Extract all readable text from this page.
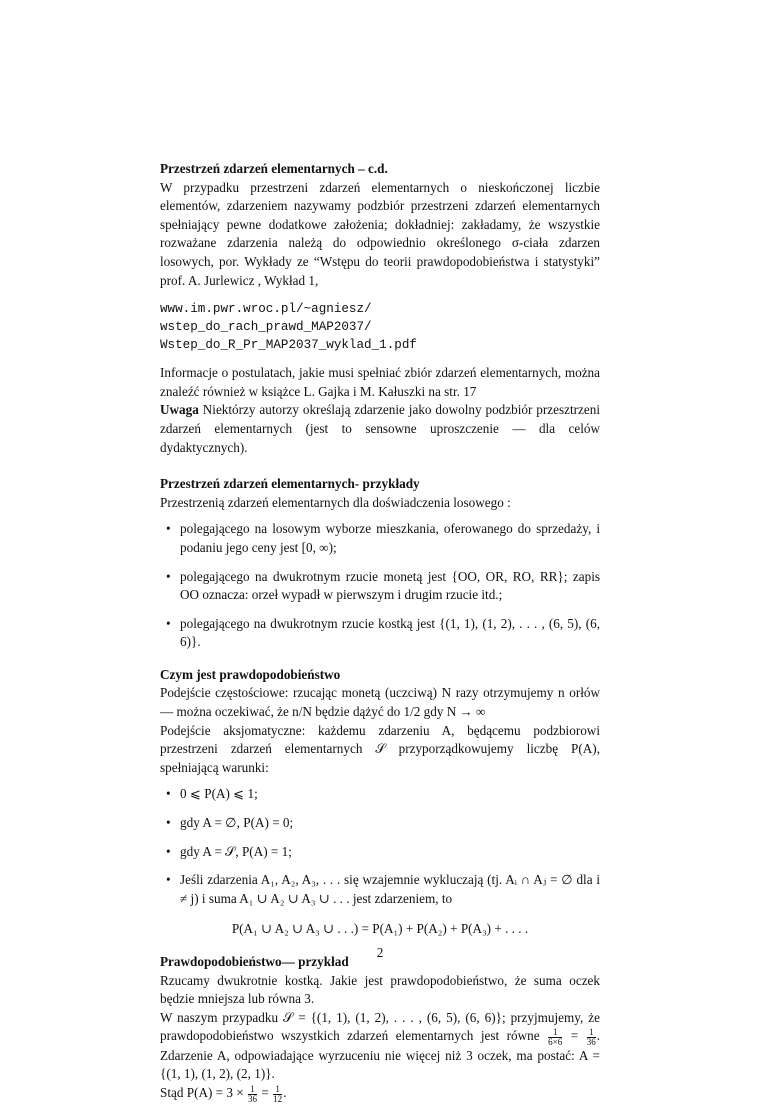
Przestrzeń zdarzeń elementarnych – c.d.

W przypadku przestrzeni zdarzeń elementarnych o nieskończonej liczbie elementów, zdarzeniem nazywamy podzbiór przestrzeni zdarzeń elementarnych spełniający pewne dodatkowe założenia; dokładniej: zakładamy, że wszystkie rozważane zdarzenia należą do odpowiednio określonego σ-ciała zdarzen losowych, por. Wykłady ze “Wstępu do teorii prawdopodobieństwa i statystyki” prof. A. Jurlewicz , Wykład 1,

www.im.pwr.wroc.pl/~agniesz/
wstep_do_rach_prawd_MAP2037/
Wstep_do_R_Pr_MAP2037_wyklad_1.pdf

Informacje o postulatach, jakie musi spełniać zbiór zdarzeń elementarnych, można znaleźć również w książce L. Gajka i M. Kałuszki na str. 17

Uwaga Niektórzy autorzy określają zdarzenie jako dowolny podzbiór przesztrzeni zdarzeń elementarnych (jest to sensowne uproszczenie — dla celów dydaktycznych).

Przestrzeń zdarzeń elementarnych- przykłady

Przestrzenią zdarzeń elementarnych dla doświadczenia losowego :

• polegającego na losowym wyborze mieszkania, oferowanego do sprzedaży, i podaniu jego ceny jest [0, ∞);
• polegającego na dwukrotnym rzucie monetą jest {OO, OR, RO, RR}; zapis OO oznacza: orzeł wypadł w pierwszym i drugim rzucie itd.;
• polegającego na dwukrotnym rzucie kostką jest {(1, 1), (1, 2), . . . , (6, 5), (6, 6)}.

Czym jest prawdopodobieństwo

Podejście częstościowe: rzucając monetą (uczciwą) N razy otrzymujemy n orłów— można oczekiwać, że n/N będzie dążyć do 1/2 gdy N → ∞

Podejście aksjomatyczne: każdemu zdarzeniu A, będącemu podzbiorowi przestrzeni zdarzeń elementarnych 𝒮 przyporządkowujemy liczbę P(A), spełniającą warunki:

• 0 ⩽ P(A) ⩽ 1;
• gdy A = ∅, P(A) = 0;
• gdy A = 𝒮, P(A) = 1;
• Jeśli zdarzenia A₁, A₂, A₃, . . . się wzajemnie wykluczają (tj. Aᵢ ∩ Aⱼ = ∅ dla i ≠ j) i suma A₁ ∪ A₂ ∪ A₃ ∪ . . . jest zdarzeniem, to
P(A₁ ∪ A₂ ∪ A₃ ∪ . . .) = P(A₁) + P(A₂) + P(A₃) + . . . .

Prawdopodobieństwo— przykład

Rzucamy dwukrotnie kostką. Jakie jest prawdopodobieństwo, że suma oczek będzie mniejsza lub równa 3.

W naszym przypadku 𝒮 = {(1, 1), (1, 2), . . . , (6, 5), (6, 6)}; przyjmujemy, że prawdopodobieństwo wszystkich zdarzeń elementarnych jest równe $\frac{1}{6\times 6} = \frac{1}{36}$ . Zdarzenie A, odpowiadające wyrzuceniu nie więcej niż 3 oczek, ma postać: A = {(1, 1), (1, 2), (2, 1)}.

Stąd $P(A) = 3 \times \frac{1}{36} = \frac{1}{12}$ .

2
